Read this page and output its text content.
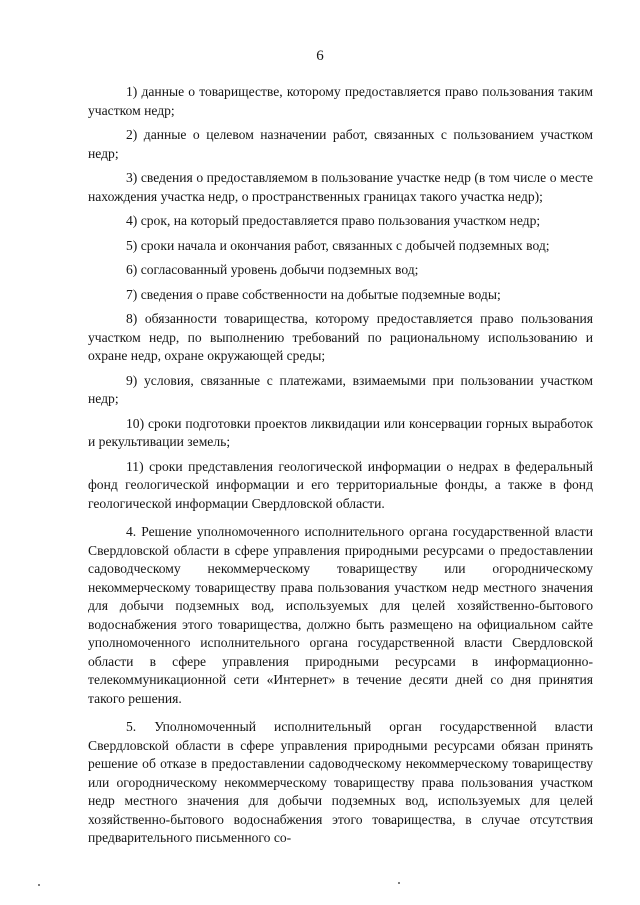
6

1) данные о товариществе, которому предоставляется право пользования таким участком недр;

2) данные о целевом назначении работ, связанных с пользованием участком недр;

3) сведения о предоставляемом в пользование участке недр (в том числе о месте нахождения участка недр, о пространственных границах такого участка недр);

4) срок, на который предоставляется право пользования участком недр;

5) сроки начала и окончания работ, связанных с добычей подземных вод;

6) согласованный уровень добычи подземных вод;

7) сведения о праве собственности на добытые подземные воды;

8) обязанности товарищества, которому предоставляется право пользования участком недр, по выполнению требований по рациональному использованию и охране недр, охране окружающей среды;

9) условия, связанные с платежами, взимаемыми при пользовании участком недр;

10) сроки подготовки проектов ликвидации или консервации горных выработок и рекультивации земель;

11) сроки представления геологической информации о недрах в федеральный фонд геологической информации и его территориальные фонды, а также в фонд геологической информации Свердловской области.

4. Решение уполномоченного исполнительного органа государственной власти Свердловской области в сфере управления природными ресурсами о предоставлении садоводческому некоммерческому товариществу или огородническому некоммерческому товариществу права пользования участком недр местного значения для добычи подземных вод, используемых для целей хозяйственно-бытового водоснабжения этого товарищества, должно быть размещено на официальном сайте уполномоченного исполнительного органа государственной власти Свердловской области в сфере управления природными ресурсами в информационно-телекоммуникационной сети «Интернет» в течение десяти дней со дня принятия такого решения.

5. Уполномоченный исполнительный орган государственной власти Свердловской области в сфере управления природными ресурсами обязан принять решение об отказе в предоставлении садоводческому некоммерческому товариществу или огородническому некоммерческому товариществу права пользования участком недр местного значения для добычи подземных вод, используемых для целей хозяйственно-бытового водоснабжения этого товарищества, в случае отсутствия предварительного письменного со-
